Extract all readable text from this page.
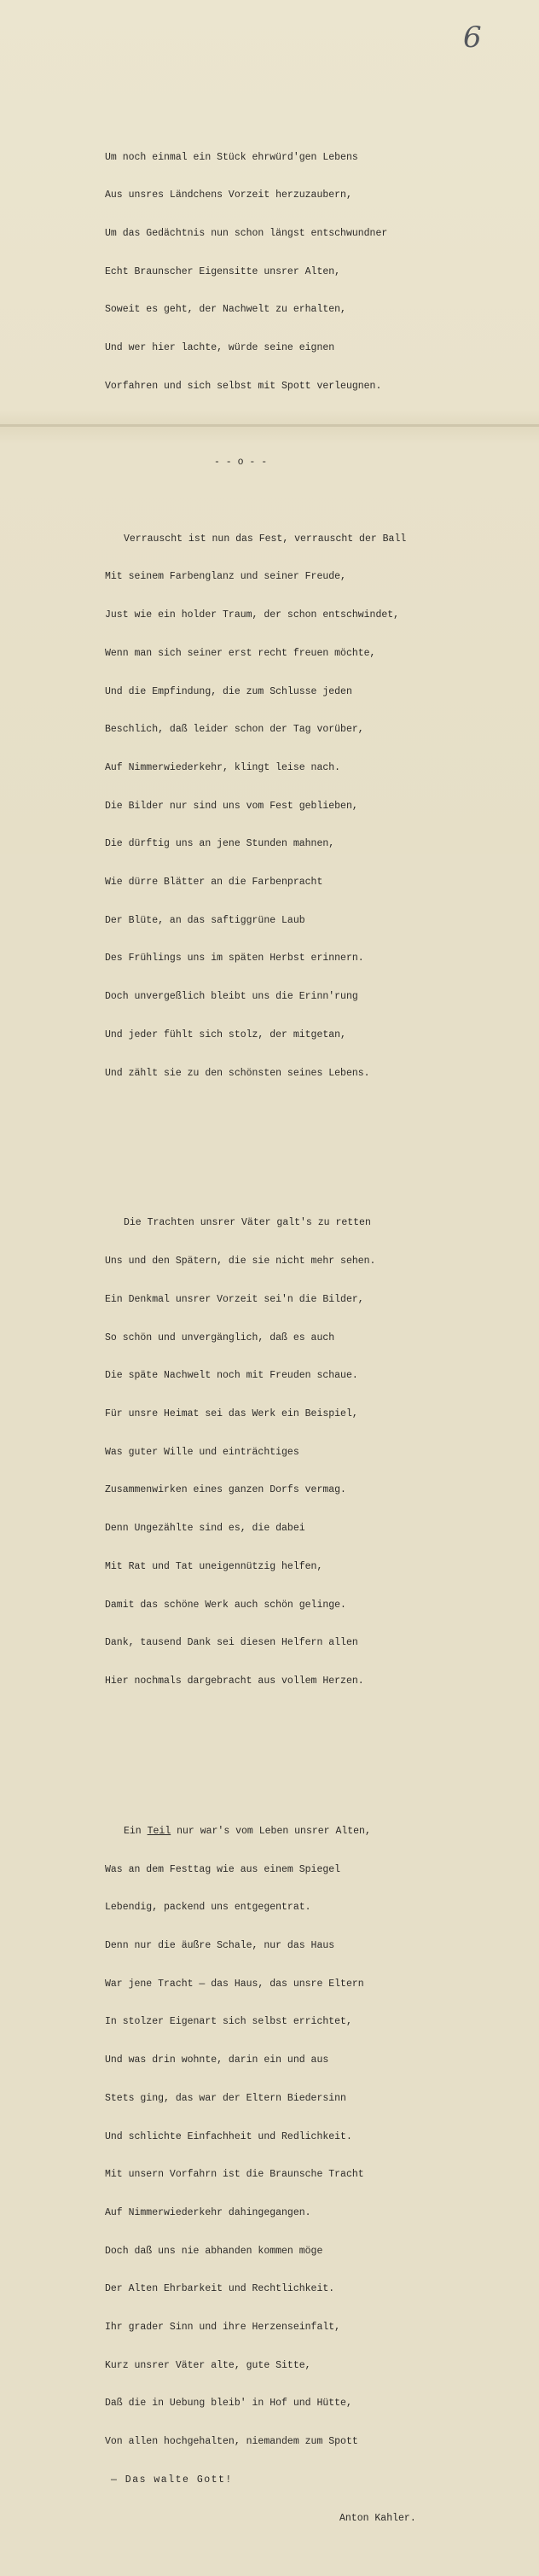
6

Um noch einmal ein Stück ehrwürd'gen Lebens

Aus unsres Ländchens Vorzeit herzuzaubern,

Um das Gedächtnis nun schon längst entschwundner

Echt Braunscher Eigensitte unsrer Alten,

Soweit es geht, der Nachwelt zu erhalten,

Und wer hier lachte, würde seine eignen

Vorfahren und sich selbst mit Spott verleugnen.

- - o - -

Verrauscht ist nun das Fest, verrauscht der Ball

Mit seinem Farbenglanz und seiner Freude,

Just wie ein holder Traum, der schon entschwindet,

Wenn man sich seiner erst recht freuen möchte,

Und die Empfindung, die zum Schlusse jeden

Beschlich, daß leider schon der Tag vorüber,

Auf Nimmerwiederkehr, klingt leise nach.

Die Bilder nur sind uns vom Fest geblieben,

Die dürftig uns an jene Stunden mahnen,

Wie dürre Blätter an die Farbenpracht

Der Blüte, an das saftiggrüne Laub

Des Frühlings uns im späten Herbst erinnern.

Doch unvergeßlich bleibt uns die Erinn'rung

Und jeder fühlt sich stolz, der mitgetan,

Und zählt sie zu den schönsten seines Lebens.

Die Trachten unsrer Väter galt's zu retten

Uns und den Spätern, die sie nicht mehr sehen.

Ein Denkmal unsrer Vorzeit sei'n die Bilder,

So schön und unvergänglich, daß es auch

Die späte Nachwelt noch mit Freuden schaue.

Für unsre Heimat sei das Werk ein Beispiel,

Was guter Wille und einträchtiges

Zusammenwirken eines ganzen Dorfs vermag.

Denn Ungezählte sind es, die dabei

Mit Rat und Tat uneigennützig helfen,

Damit das schöne Werk auch schön gelinge.

Dank, tausend Dank sei diesen Helfern allen

Hier nochmals dargebracht aus vollem Herzen.

Ein Teil nur war's vom Leben unsrer Alten,

Was an dem Festtag wie aus einem Spiegel

Lebendig, packend uns entgegentrat.

Denn nur die äußre Schale, nur das Haus

War jene Tracht — das Haus, das unsre Eltern

In stolzer Eigenart sich selbst errichtet,

Und was drin wohnte, darin ein und aus

Stets ging, das war der Eltern Biedersinn

Und schlichte Einfachheit und Redlichkeit.

Mit unsern Vorfahrn ist die Braunsche Tracht

Auf Nimmerwiederkehr dahingegangen.

Doch daß uns nie abhanden kommen möge

Der Alten Ehrbarkeit und Rechtlichkeit.

Ihr grader Sinn und ihre Herzenseinfalt,

Kurz unsrer Väter alte, gute Sitte,

Daß die in Uebung bleib' in Hof und Hütte,

Von allen hochgehalten, niemandem zum Spott

— Das walte Gott!

Anton Kahler.
